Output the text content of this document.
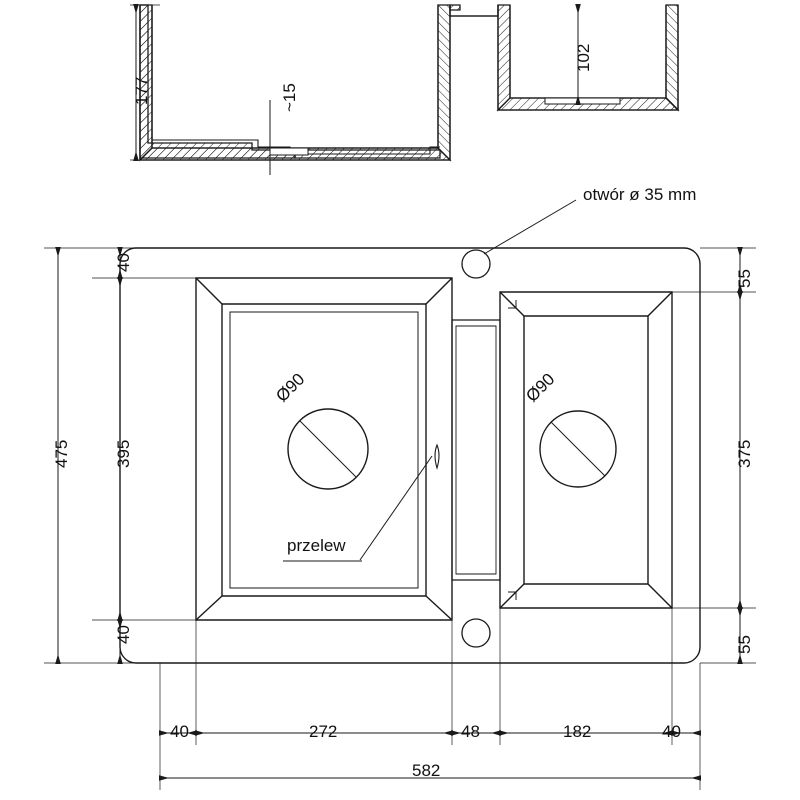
177	~15
102
otwór ø 35 mm
przelew
Ø90	Ø90
40
395
40
475
55
375
55
40	272	48	182	40
582
